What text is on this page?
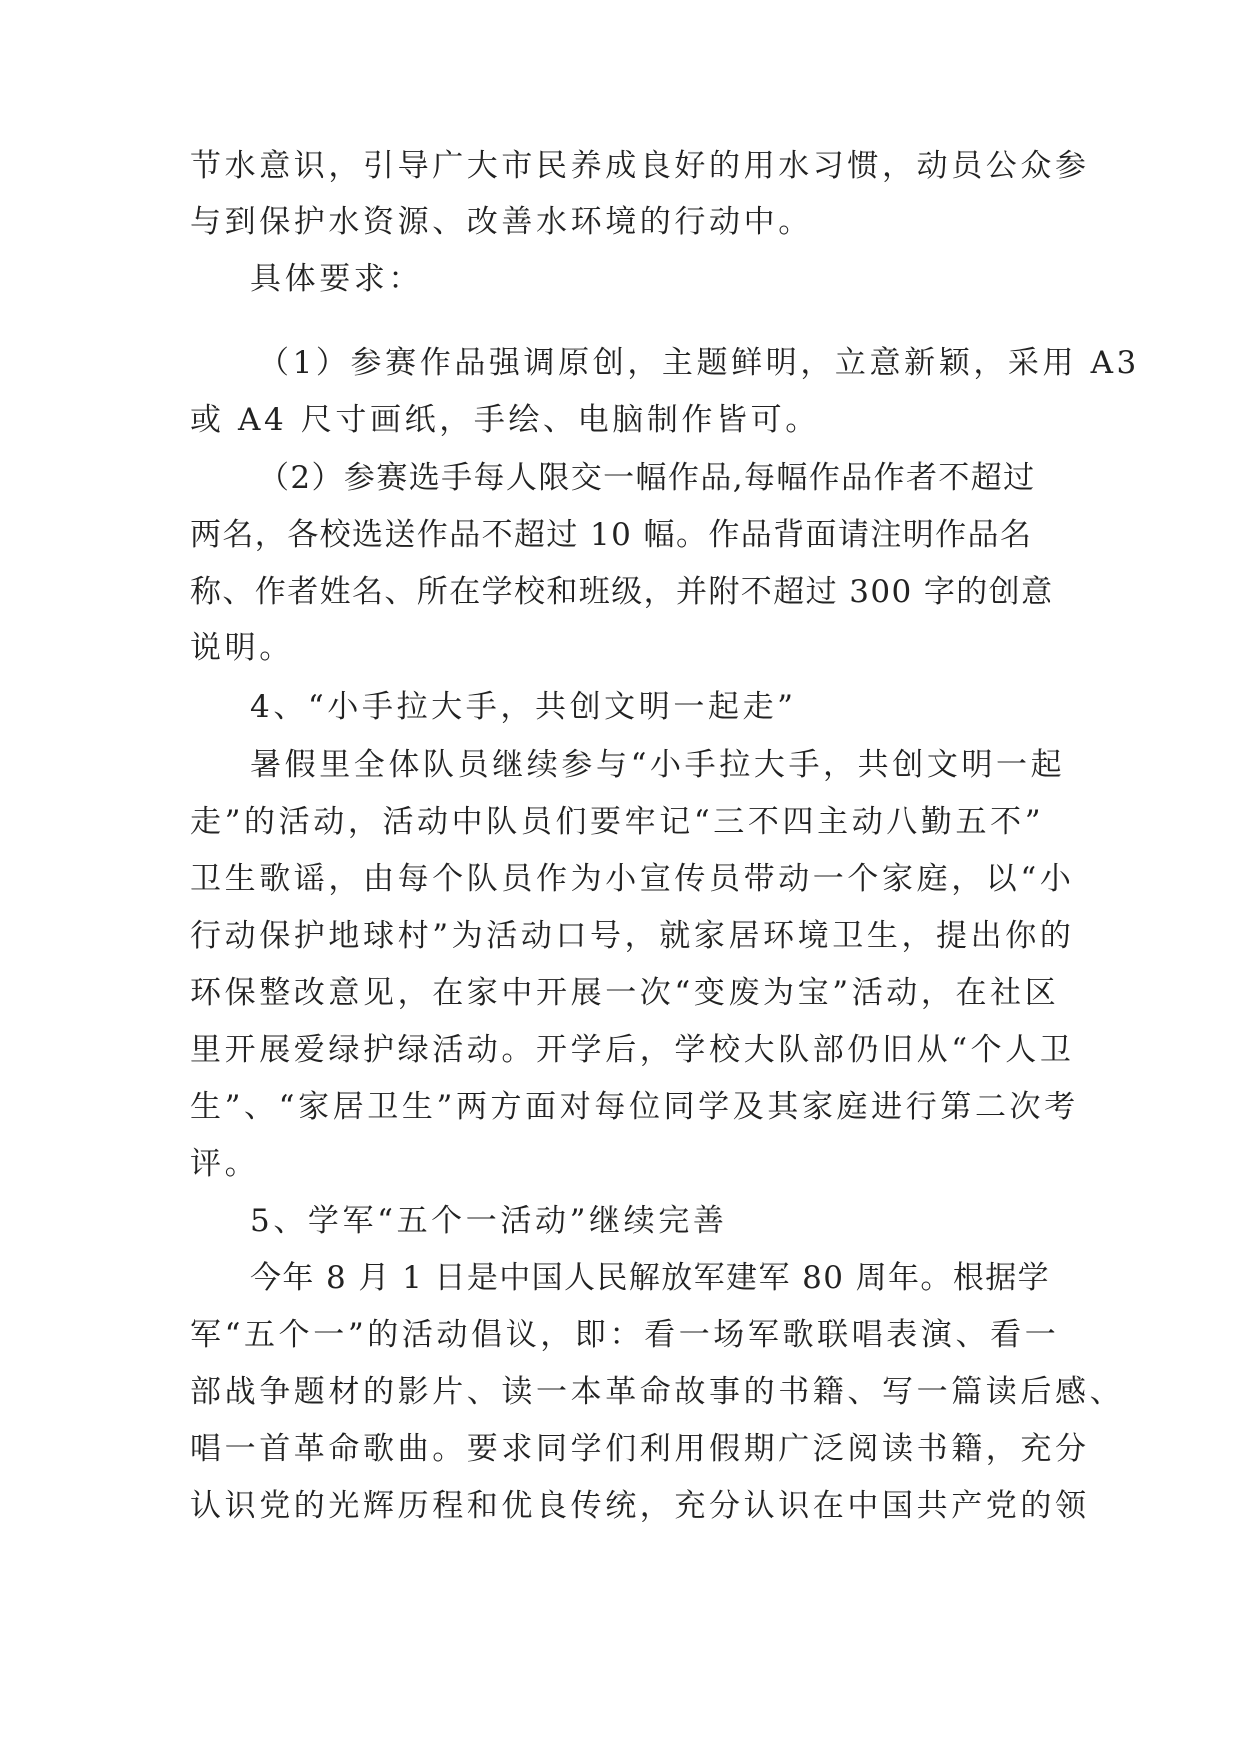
节水意识，引导广大市民养成良好的用水习惯，动员公众参

与到保护水资源、改善水环境的行动中。

具体要求：

（1）参赛作品强调原创，主题鲜明，立意新颖，采用 A3

或 A4 尺寸画纸，手绘、电脑制作皆可。

（2）参赛选手每人限交一幅作品,每幅作品作者不超过

两名，各校选送作品不超过 10 幅。作品背面请注明作品名

称、作者姓名、所在学校和班级，并附不超过 300 字的创意

说明。

4、“小手拉大手，共创文明一起走”

暑假里全体队员继续参与“小手拉大手，共创文明一起

走”的活动，活动中队员们要牢记“三不四主动八勤五不”

卫生歌谣，由每个队员作为小宣传员带动一个家庭，以“小

行动保护地球村”为活动口号，就家居环境卫生，提出你的

环保整改意见，在家中开展一次“变废为宝”活动，在社区

里开展爱绿护绿活动。开学后，学校大队部仍旧从“个人卫

生”、“家居卫生”两方面对每位同学及其家庭进行第二次考

评。

5、学军“五个一活动”继续完善

今年 8 月 1 日是中国人民解放军建军 80 周年。根据学

军“五个一”的活动倡议，即：看一场军歌联唱表演、看一

部战争题材的影片、读一本革命故事的书籍、写一篇读后感、

唱一首革命歌曲。要求同学们利用假期广泛阅读书籍，充分

认识党的光辉历程和优良传统，充分认识在中国共产党的领
